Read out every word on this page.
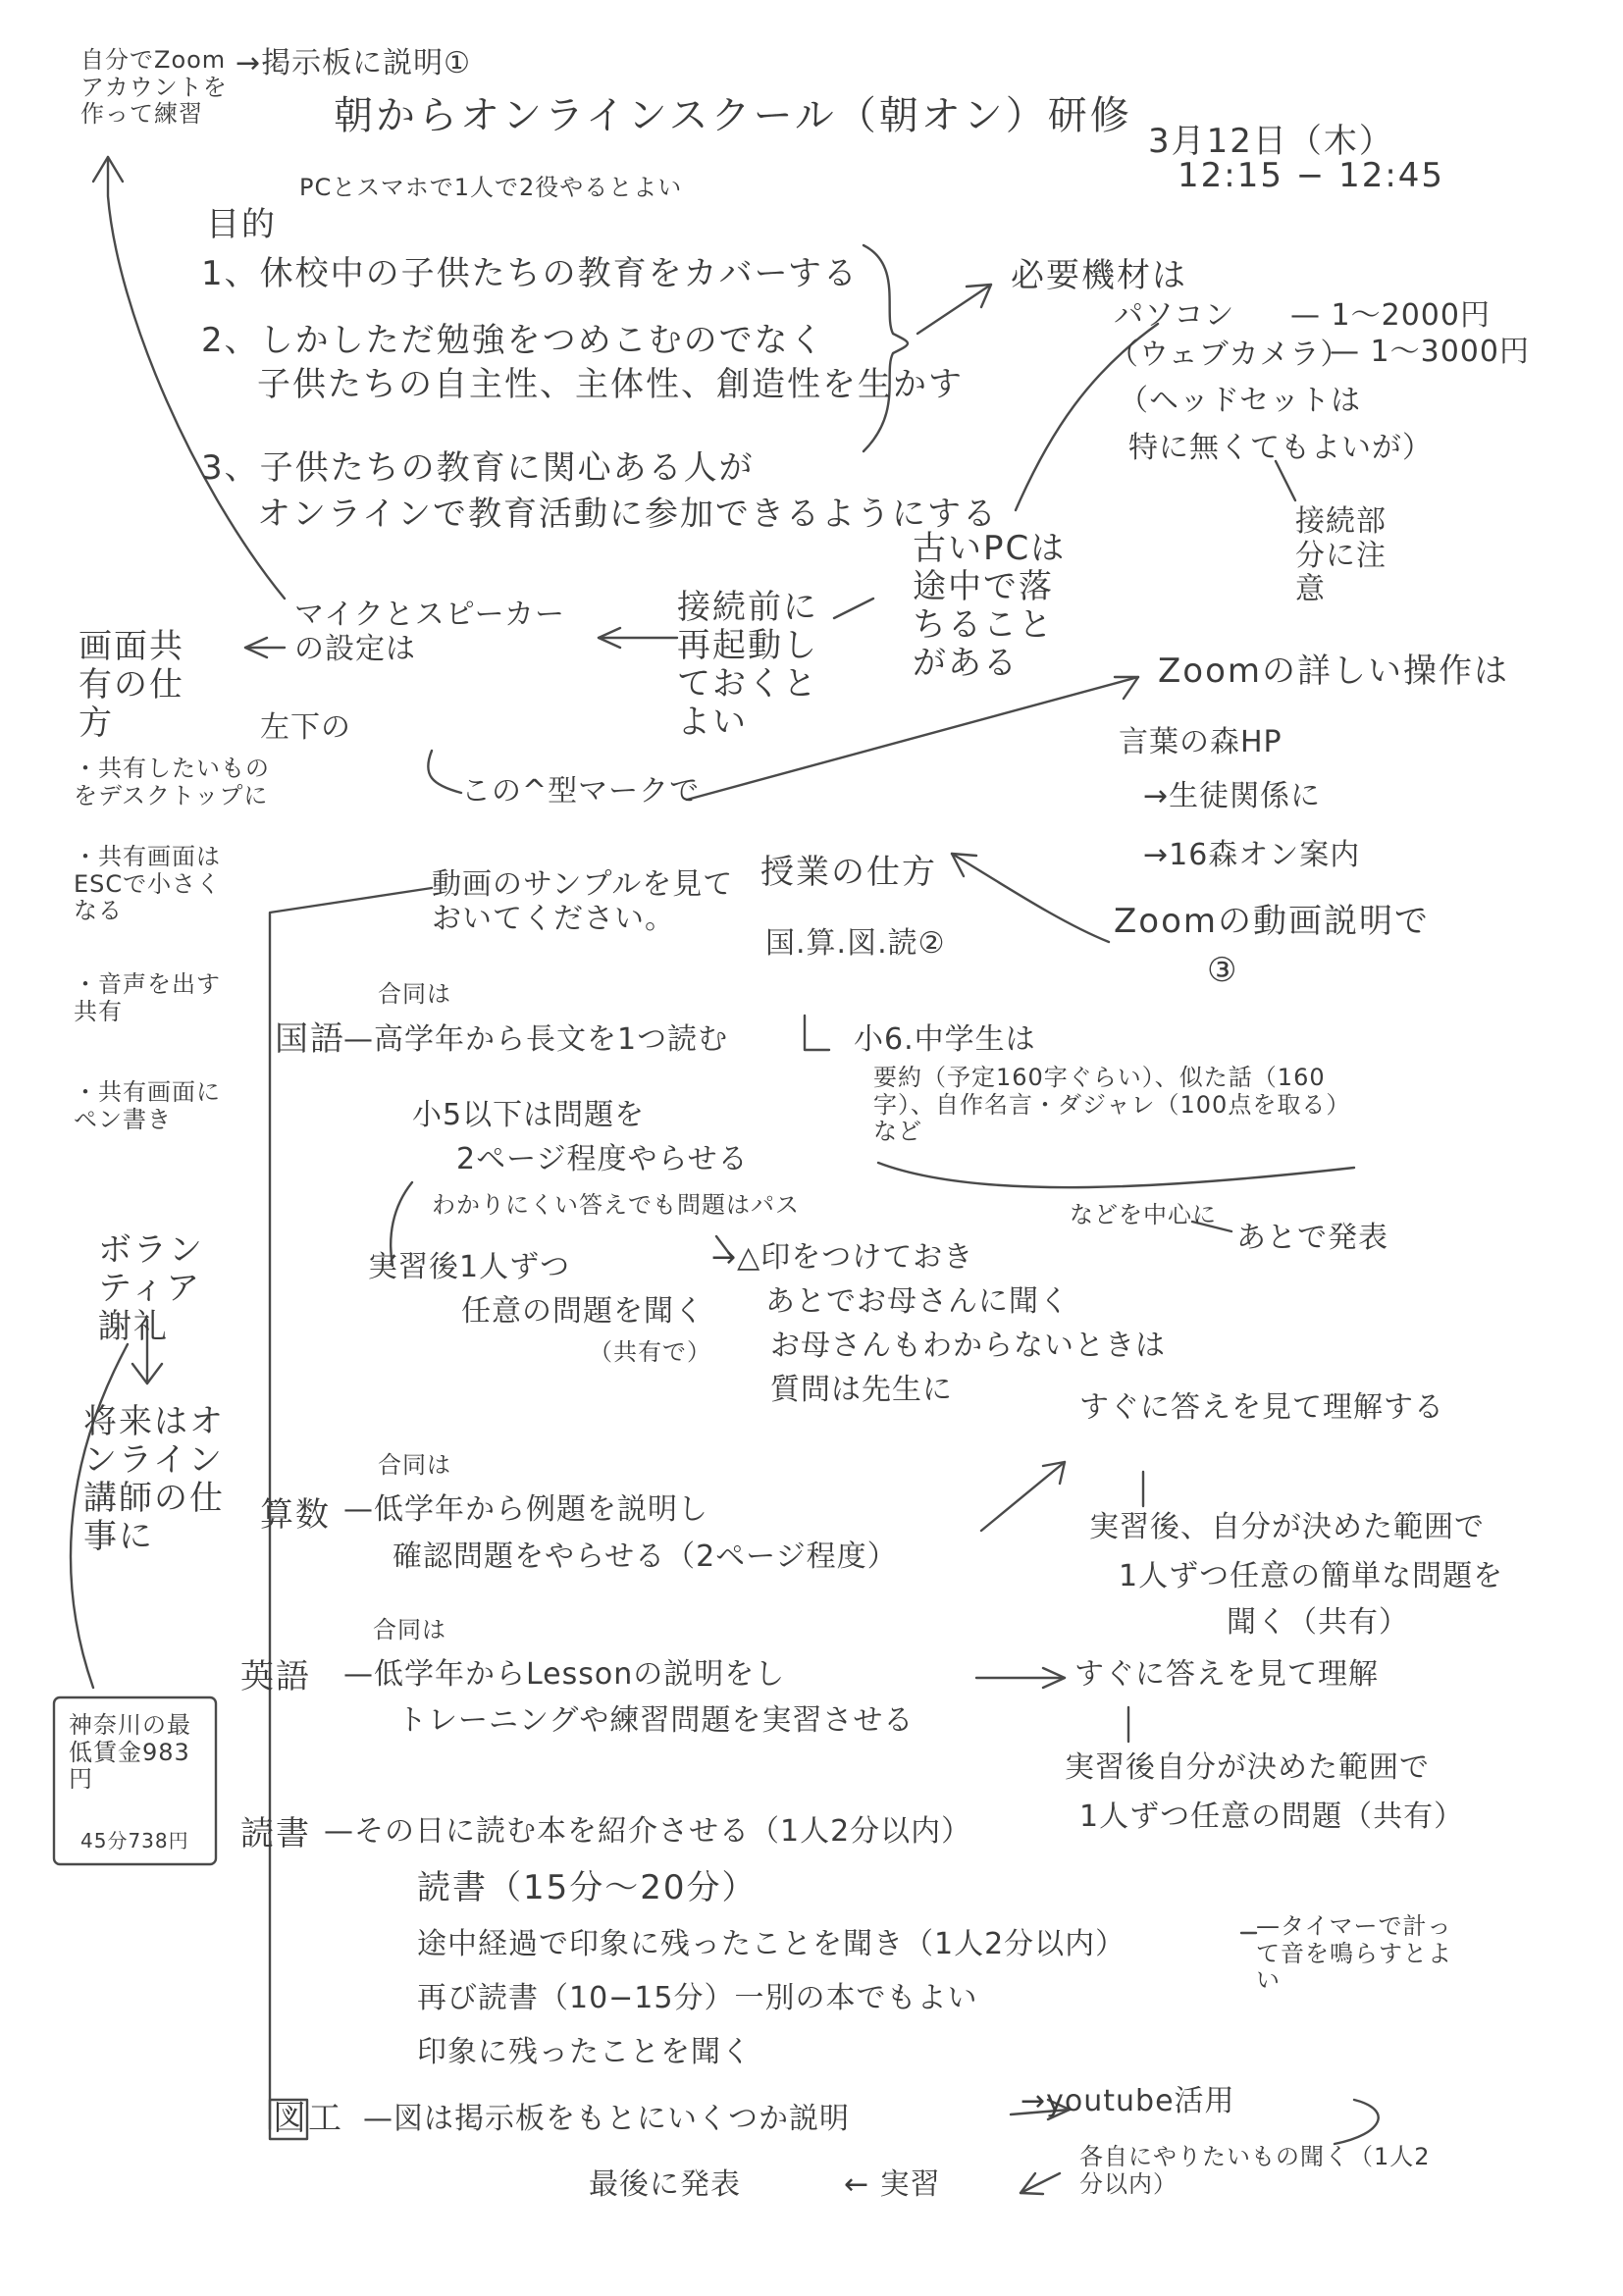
自分でZoomアカウントを作って練習
→掲示板に説明①
朝からオンラインスクール（朝オン）研修
3月12日（木）
12:15 − 12:45
PCとスマホで1人で2役やるとよい
目的
1、休校中の子供たちの教育をカバーする
2、しかしただ勉強をつめこむのでなく
子供たちの自主性、主体性、創造性を生かす
3、子供たちの教育に関心ある人が
オンラインで教育活動に参加できるようにする
必要機材は
パソコン
（ウェブカメラ）
— 1〜2000円
（ヘッドセットは
— 1〜3000円
特に無くてもよいが）
接続部分に注意
古いPCは途中で落ちることがある
接続前に再起動しておくとよい
マイクとスピーカーの設定は
左下の
この^型マークで
画面共有の仕方
・共有したいものをデスクトップに
・共有画面はESCで小さくなる
・音声を出す共有
・共有画面にペン書き
Zoomの詳しい操作は
言葉の森HP
→生徒関係に
→16森オン案内
Zoomの動画説明で
③
動画のサンプルを見ておいてください。
授業の仕方
国.算.図.読②
国語
合同は
—高学年から長文を1つ読む	小6.中学生は
要約（予定160字ぐらい）、似た話（160字）、自作名言・ダジャレ（100点を取る）など
などを中心に
あとで発表
小5以下は問題を
2ページ程度やらせる
わかりにくい答えでも問題はパス
実習後1人ずつ
任意の問題を聞く
（共有で）
→△印をつけておき
あとでお母さんに聞く
お母さんもわからないときは
質問は先生に
ボランティア謝礼
将来はオンライン講師の仕事に
神奈川の最低賃金983円
45分738円
算数
合同は
—低学年から例題を説明し
確認問題をやらせる（2ページ程度）
すぐに答えを見て理解する
実習後、自分が決めた範囲で
1人ずつ任意の簡単な問題を
聞く（共有）
英語
合同は
—低学年からLessonの説明をし
トレーニングや練習問題を実習させる
すぐに答えを見て理解
実習後自分が決めた範囲で
1人ずつ任意の問題（共有）
読書 —その日に読む本を紹介させる（1人2分以内）
読書（15分〜20分）
途中経過で印象に残ったことを聞き（1人2分以内）
—タイマーで計って音を鳴らすとよい
再び読書（10−15分）一別の本でもよい
印象に残ったことを聞く
図工 —図は掲示板をもとにいくつか説明
→youtube活用
各自にやりたいもの聞く（1人2分以内）
最後に発表	← 実習
